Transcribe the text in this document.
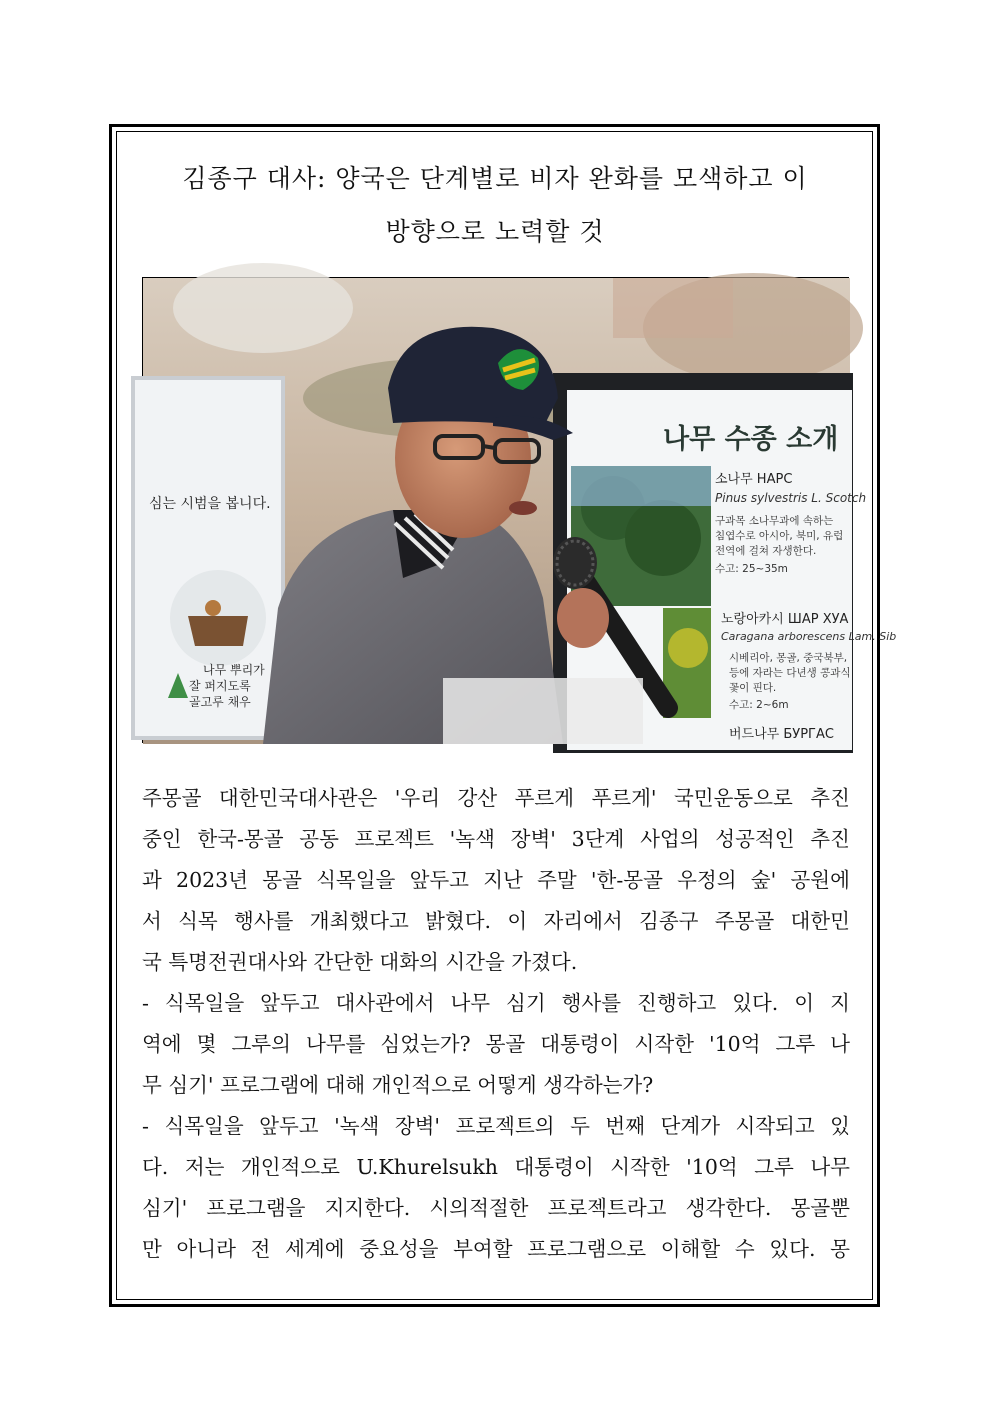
김종구 대사: 양국은 단계별로 비자 완화를 모색하고 이
방향으로 노력할 것
심는 시범을 봅니다.
나무 뿌리가
잘 퍼지도록
골고루 채우
나무 수종 소개
소나무 НАРС
Pinus sylvestris L. Scotch
구과목 소나무과에 속하는
침엽수로 아시아, 북미, 유럽
전역에 걸쳐 자생한다.
수고: 25~35m
노랑아카시 ШАР ХУА
Caragana arborescens Lam. Sib
시베리아, 몽골, 중국북부,
등에 자라는 다년생 콩과식
꽃이 핀다.
수고: 2~6m
버드나무 БУРГАС
주몽골 대한민국대사관은 '우리 강산 푸르게 푸르게' 국민운동으로 추진
중인 한국-몽골 공동 프로젝트 '녹색 장벽' 3단계 사업의 성공적인 추진
과 2023년 몽골 식목일을 앞두고 지난 주말 '한-몽골 우정의 숲' 공원에
서 식목 행사를 개최했다고 밝혔다. 이 자리에서 김종구 주몽골 대한민
국 특명전권대사와 간단한 대화의 시간을 가졌다.
- 식목일을 앞두고 대사관에서 나무 심기 행사를 진행하고 있다. 이 지
역에 몇 그루의 나무를 심었는가? 몽골 대통령이 시작한 '10억 그루 나
무 심기' 프로그램에 대해 개인적으로 어떻게 생각하는가?
- 식목일을 앞두고 '녹색 장벽' 프로젝트의 두 번째 단계가 시작되고 있
다. 저는 개인적으로 U.Khurelsukh 대통령이 시작한 '10억 그루 나무
심기' 프로그램을 지지한다. 시의적절한 프로젝트라고 생각한다. 몽골뿐
만 아니라 전 세계에 중요성을 부여할 프로그램으로 이해할 수 있다. 몽
